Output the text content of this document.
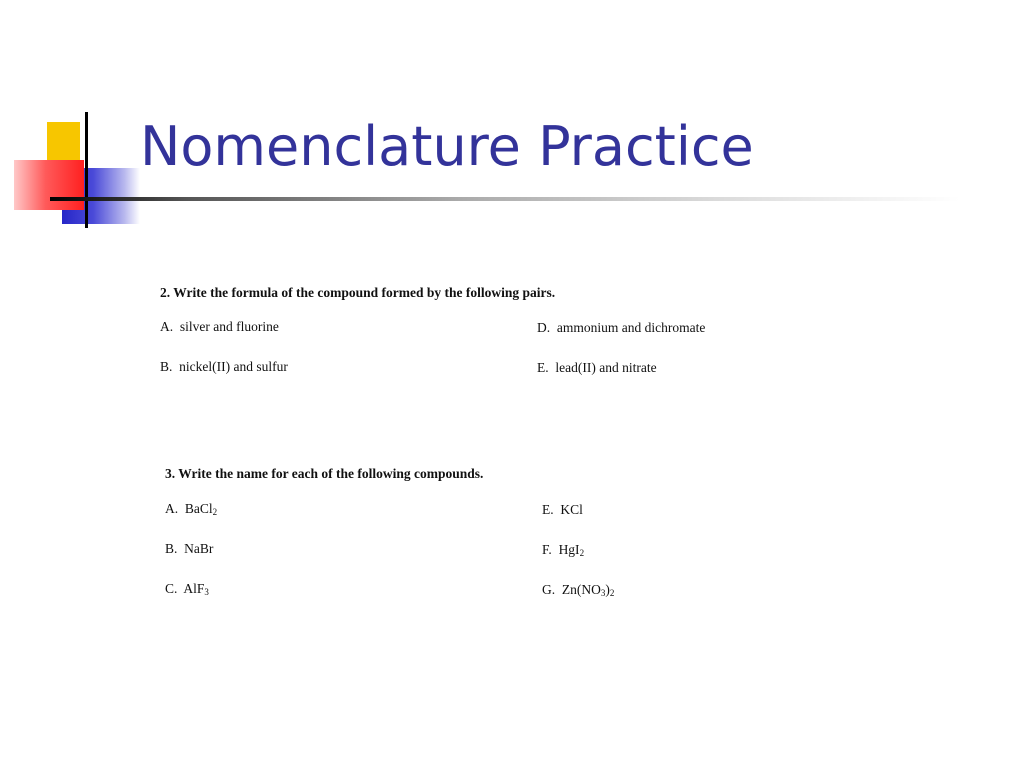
Nomenclature Practice
2. Write the formula of the compound formed by the following pairs.
A. silver and fluorine
B. nickel(II) and sulfur
D. ammonium and dichromate
E. lead(II) and nitrate
3. Write the name for each of the following compounds.
A. BaCl$_2$
B. NaBr
C. AlF$_3$
E. KCl
F. HgI$_2$
G. $Zn(NO_3)_2$
